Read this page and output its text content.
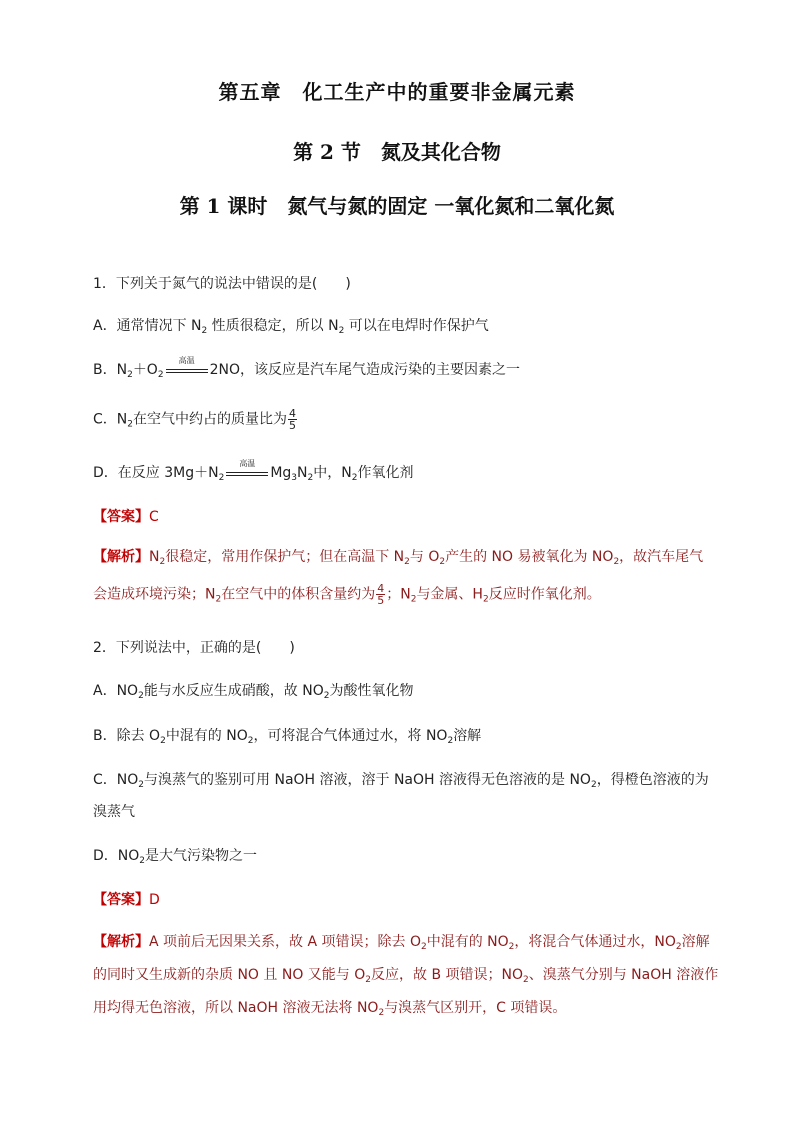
第五章　化工生产中的重要非金属元素
第 2 节　氮及其化合物
第 1 课时　氮气与氮的固定 一氧化氮和二氧化氮
1．下列关于氮气的说法中错误的是(　　)
A．通常情况下 $N_2$ 性质很稳定，所以 $N_2$ 可以在电焊时作保护气
B．$N_2+O_2$
高温
2NO，该反应是汽车尾气造成污染的主要因素之一
C．$N_2$在空气中约占的质量比为 $\frac{4}{5}$
D．在反应 $3Mg+N_2$
高温
$Mg_3N_2$中，$N_2$作氧化剂
【答案】C
【解析】$N_2$很稳定，常用作保护气；但在高温下 $N_2$与 $O_2$产生的 NO 易被氧化为 $NO_2$，故汽车尾气
会造成环境污染；$N_2$在空气中的体积含量约为 $\frac{4}{5}$ ；$N_2$与金属、$H_2$反应时作氧化剂。
2．下列说法中，正确的是(　　)
A．$NO_2$能与水反应生成硝酸，故 $NO_2$为酸性氧化物
B．除去 $O_2$中混有的 $NO_2$，可将混合气体通过水，将 $NO_2$溶解
C．$NO_2$与溴蒸气的鉴别可用 NaOH 溶液，溶于 NaOH 溶液得无色溶液的是 $NO_2$，得橙色溶液的为
溴蒸气
D．$NO_2$是大气污染物之一
【答案】D
【解析】A 项前后无因果关系，故 A 项错误；除去 $O_2$中混有的 $NO_2$，将混合气体通过水，$NO_2$溶解
的同时又生成新的杂质 NO 且 NO 又能与 $O_2$反应，故 B 项错误；$NO_2$、溴蒸气分别与 NaOH 溶液作
用均得无色溶液，所以 NaOH 溶液无法将 $NO_2$与溴蒸气区别开，C 项错误。
